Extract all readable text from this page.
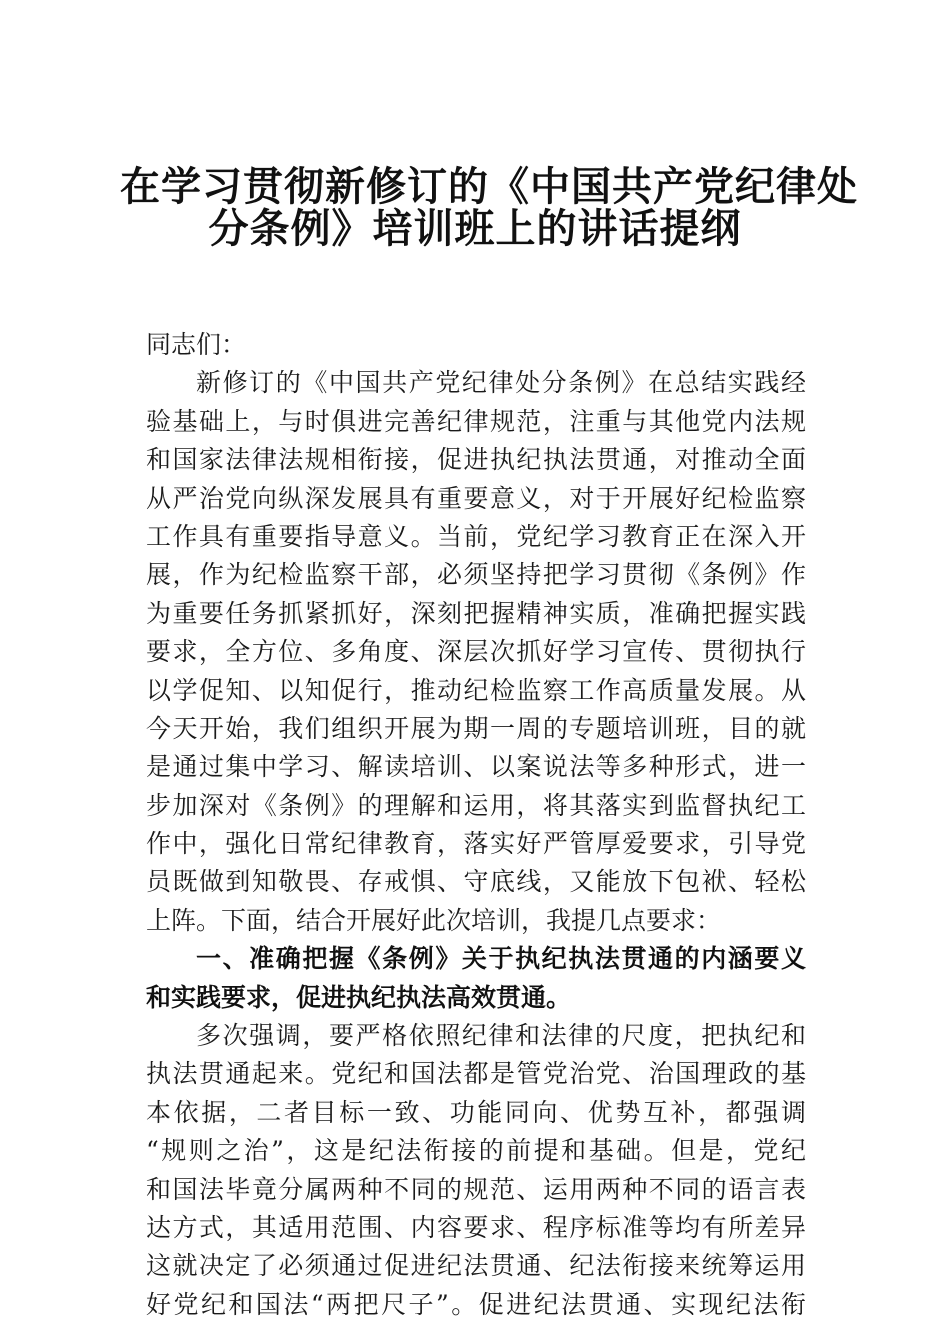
在学习贯彻新修订的《中国共产党纪律处
分条例》培训班上的讲话提纲
同志们：
新修订的《中国共产党纪律处分条例》在总结实践经
验基础上，与时俱进完善纪律规范，注重与其他党内法规
和国家法律法规相衔接，促进执纪执法贯通，对推动全面
从严治党向纵深发展具有重要意义，对于开展好纪检监察
工作具有重要指导意义。当前，党纪学习教育正在深入开
展，作为纪检监察干部，必须坚持把学习贯彻《条例》作
为重要任务抓紧抓好，深刻把握精神实质，准确把握实践
要求，全方位、多角度、深层次抓好学习宣传、贯彻执行
以学促知、以知促行，推动纪检监察工作高质量发展。从
今天开始，我们组织开展为期一周的专题培训班，目的就
是通过集中学习、解读培训、以案说法等多种形式，进一
步加深对《条例》的理解和运用，将其落实到监督执纪工
作中，强化日常纪律教育，落实好严管厚爱要求，引导党
员既做到知敬畏、存戒惧、守底线，又能放下包袱、轻松
上阵。下面，结合开展好此次培训，我提几点要求：
一、准确把握《条例》关于执纪执法贯通的内涵要义
和实践要求，促进执纪执法高效贯通。
多次强调，要严格依照纪律和法律的尺度，把执纪和
执法贯通起来。党纪和国法都是管党治党、治国理政的基
本依据，二者目标一致、功能同向、优势互补，都强调
“规则之治”，这是纪法衔接的前提和基础。但是，党纪
和国法毕竟分属两种不同的规范、运用两种不同的语言表
达方式，其适用范围、内容要求、程序标准等均有所差异
这就决定了必须通过促进纪法贯通、纪法衔接来统筹运用
好党纪和国法“两把尺子”。促进纪法贯通、实现纪法衔
